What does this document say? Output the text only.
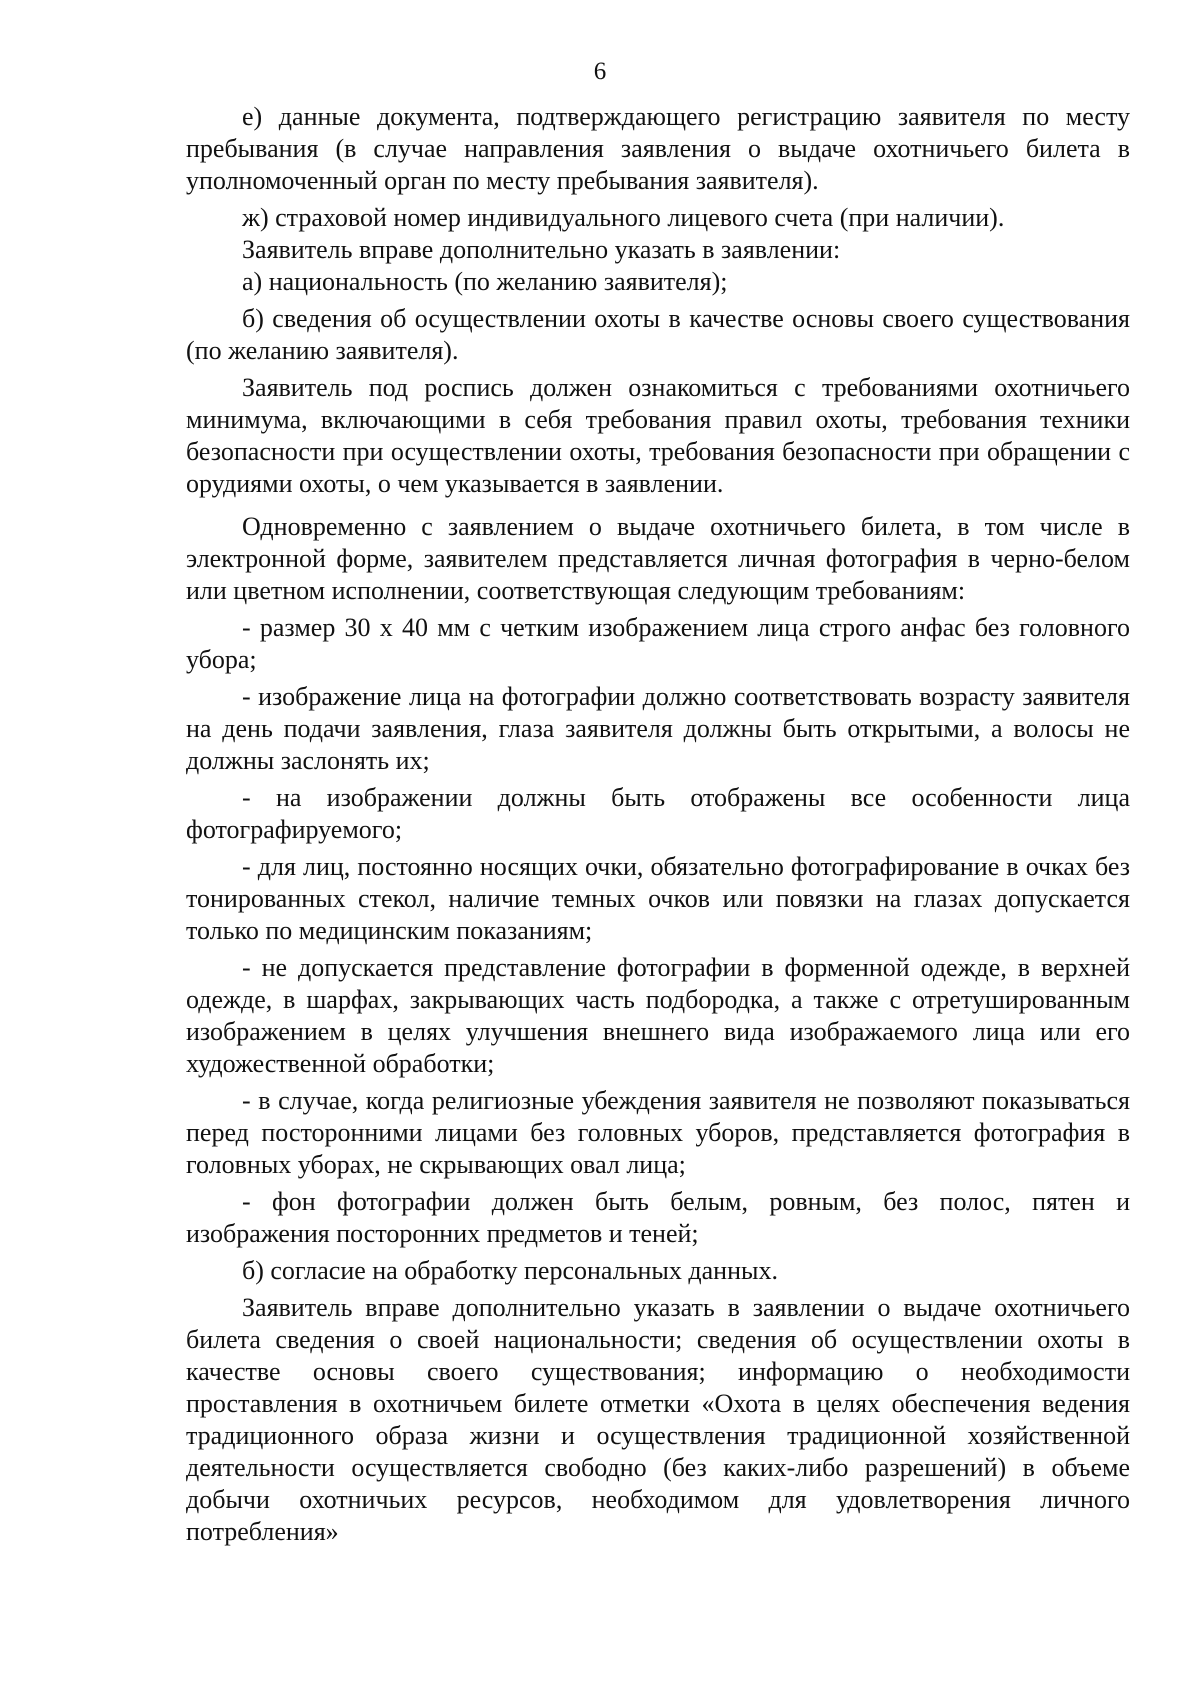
6

е) данные документа, подтверждающего регистрацию заявителя по месту пребывания (в случае направления заявления о выдаче охотничьего билета в уполномоченный орган по месту пребывания заявителя).

ж) страховой номер индивидуального лицевого счета (при наличии).

Заявитель вправе дополнительно указать в заявлении:

а) национальность (по желанию заявителя);

б) сведения об осуществлении охоты в качестве основы своего существования (по желанию заявителя).

Заявитель под роспись должен ознакомиться с требованиями охотничьего минимума, включающими в себя требования правил охоты, требования техники безопасности при осуществлении охоты, требования безопасности при обращении с орудиями охоты, о чем указывается в заявлении.

Одновременно с заявлением о выдаче охотничьего билета, в том числе в электронной форме, заявителем представляется личная фотография в черно-белом или цветном исполнении, соответствующая следующим требованиям:

- размер 30 х 40 мм с четким изображением лица строго анфас без головного убора;

- изображение лица на фотографии должно соответствовать возрасту заявителя на день подачи заявления, глаза заявителя должны быть открытыми, а волосы не должны заслонять их;

- на изображении должны быть отображены все особенности лица фотографируемого;

- для лиц, постоянно носящих очки, обязательно фотографирование в очках без тонированных стекол, наличие темных очков или повязки на глазах допускается только по медицинским показаниям;

- не допускается представление фотографии в форменной одежде, в верхней одежде, в шарфах, закрывающих часть подбородка, а также с отретушированным изображением в целях улучшения внешнего вида изображаемого лица или его художественной обработки;

- в случае, когда религиозные убеждения заявителя не позволяют показываться перед посторонними лицами без головных уборов, представляется фотография в головных уборах, не скрывающих овал лица;

- фон фотографии должен быть белым, ровным, без полос, пятен и изображения посторонних предметов и теней;

б) согласие на обработку персональных данных.

Заявитель вправе дополнительно указать в заявлении о выдаче охотничьего билета сведения о своей национальности; сведения об осуществлении охоты в качестве основы своего существования; информацию о необходимости проставления в охотничьем билете отметки «Охота в целях обеспечения ведения традиционного образа жизни и осуществления традиционной хозяйственной деятельности осуществляется свободно (без каких-либо разрешений) в объеме добычи охотничьих ресурсов, необходимом для удовлетворения личного потребления»
